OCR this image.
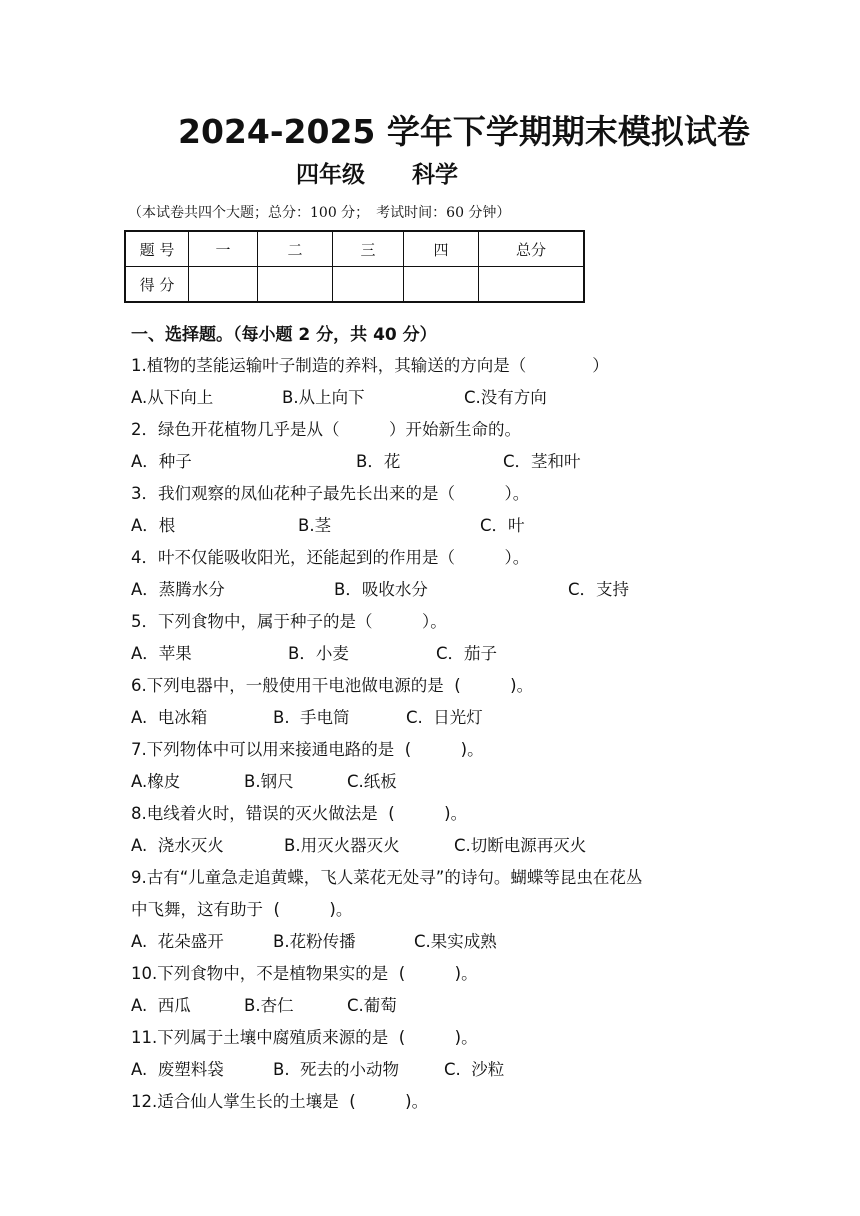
2024-2025 学年下学期期末模拟试卷
四年级 科学
（本试卷共四个大题；总分：100 分；　考试时间：60 分钟）
题 号	一	二	三	四	总分
得 分					
一、选择题。（每小题 2 分，共 40 分）
1.植物的茎能运输叶子制造的养料，其输送的方向是（　　　　）
A.从下向上	B.从上向下	C.没有方向
2．绿色开花植物几乎是从（　　　）开始新生命的。
A．种子	B．花	C．茎和叶
3．我们观察的凤仙花种子最先长出来的是（　　　）。
A．根	B.茎	C．叶
4．叶不仅能吸收阳光，还能起到的作用是（　　　）。
A．蒸腾水分	B．吸收水分	C．支持
5．下列食物中，属于种子的是（　　　）。
A．苹果	B．小麦	C．茄子
6.下列电器中，一般使用干电池做电源的是  (　　　)。
A.  电冰箱	B.  手电筒	C.  日光灯
7.下列物体中可以用来接通电路的是  (　　　)。
A.橡皮	B.钢尺	C.纸板
8.电线着火时，错误的灭火做法是  (　　　)。
A.  浇水灭火	B.用灭火器灭火	C.切断电源再灭火
9.古有“儿童急走追黄蝶，飞人菜花无处寻”的诗句。蝴蝶等昆虫在花丛
中飞舞，这有助于  (　　　)。
A.  花朵盛开	B.花粉传播	C.果实成熟
10.下列食物中，不是植物果实的是  (　　　)。
A.  西瓜	B.杏仁	C.葡萄
11.下列属于土壤中腐殖质来源的是  (　　　)。
A.  废塑料袋	B.  死去的小动物	C.  沙粒
12.适合仙人掌生长的土壤是  (　　　)。
